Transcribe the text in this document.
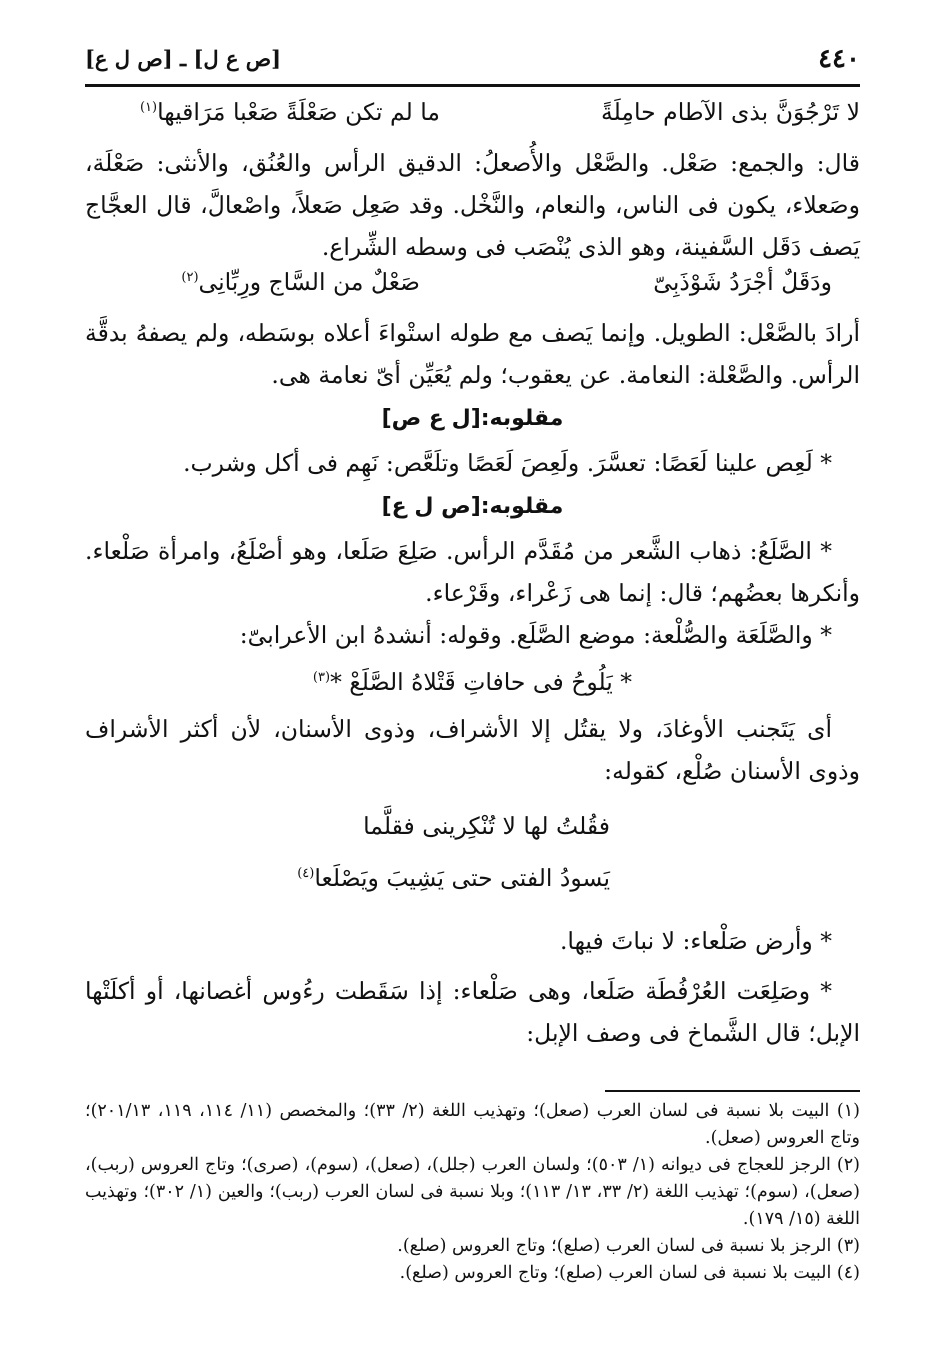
٤٤٠
[ص ع ل] ـ [ص ل ع]
لا تَرْجُوَنَّ بذى الآطام حامِلَةً
ما لم تكن صَعْلَةً صَعْبا مَرَاقيها$^{(١)}$

قال: والجمع: صَعْل. والصَّعْل والأُصعلُ: الدقيق الرأس والعُنُق، والأنثى: صَعْلَة، وصَعلاء، يكون فى الناس، والنعام، والنَّخْل. وقد صَعِل صَعلاً، واصْعالَّ، قال العجَّاج يَصف دَقَل السَّفينة، وهو الذى يُنْصَب فى وسطه الشِّراع.

ودَقَلٌ أجْرَدُ شَوْذَبِىّ
صَعْلٌ من السَّاج ورِبِّانِى$^{(٢)}$

أرادَ بالصَّعْل: الطويل. وإنما يَصف مع طوله استْواءَ أعلاه بوسَطه، ولم يصفهُ بدقَّة الرأس. والصَّعْلة: النعامة. عن يعقوب؛ ولم يُعَيِّن أىّ نعامة هى.

مقلوبه:[ل ع ص]

* لَعِص علينا لَعَصًا: تعسَّرَ. ولَعِصَ لَعَصًا وتلَعَّص: نَهِم فى أكل وشرب.

مقلوبه:[ص ل ع]

* الصَّلَعُ: ذهاب الشَّعر من مُقَدَّم الرأس. صَلِعَ صَلَعا، وهو أصْلَعُ، وامرأة صَلْعاء. وأنكرها بعضُهم؛ قال: إنما هى زَعْراء، وقَرْعاء.

* والصَّلَعَة والصُّلْعة: موضع الصَّلَع. وقوله: أنشدهُ ابن الأعرابىّ:

* يَلُوحُ فى حافاتِ قَتْلاهُ الصَّلَعْ *$^{(٣)}$

أى يَتَجنب الأوغادَ، ولا يقتُل إلا الأشراف، وذوى الأسنان، لأن أكثر الأشراف وذوى الأسنان صُلْع، كقوله:

فقُلتُ لها لا تُنْكِرينى فقلَّما
يَسودُ الفتى حتى يَشِيبَ ويَصْلَعا$^{(٤)}$

* وأرض صَلْعاء: لا نباتَ فيها.

* وصَلِعَت العُرْفُطَة صَلَعا، وهى صَلْعاء: إذا سَقَطت رءُوس أغصانها، أو أكلَتْها الإبل؛ قال الشَّماخ فى وصف الإبل:

(١) البيت بلا نسبة فى لسان العرب (صعل)؛ وتهذيب اللغة (٢/ ٣٣)؛ والمخصص (١١/ ١١٤، ١١٩، ٢٠١/١٣)؛ وتاج العروس (صعل).

(٢) الرجز للعجاج فى ديوانه (١/ ٥٠٣)؛ ولسان العرب (جلل)، (صعل)، (سوم)، (صرى)؛ وتاج العروس (ربب)، (صعل)، (سوم)؛ تهذيب اللغة (٢/ ٣٣، ١٣/ ١١٣)؛ وبلا نسبة فى لسان العرب (ربب)؛ والعين (١/ ٣٠٢)؛ وتهذيب اللغة (١٥/ ١٧٩).

(٣) الرجز بلا نسبة فى لسان العرب (صلع)؛ وتاج العروس (صلع).

(٤) البيت بلا نسبة فى لسان العرب (صلع)؛ وتاج العروس (صلع).
